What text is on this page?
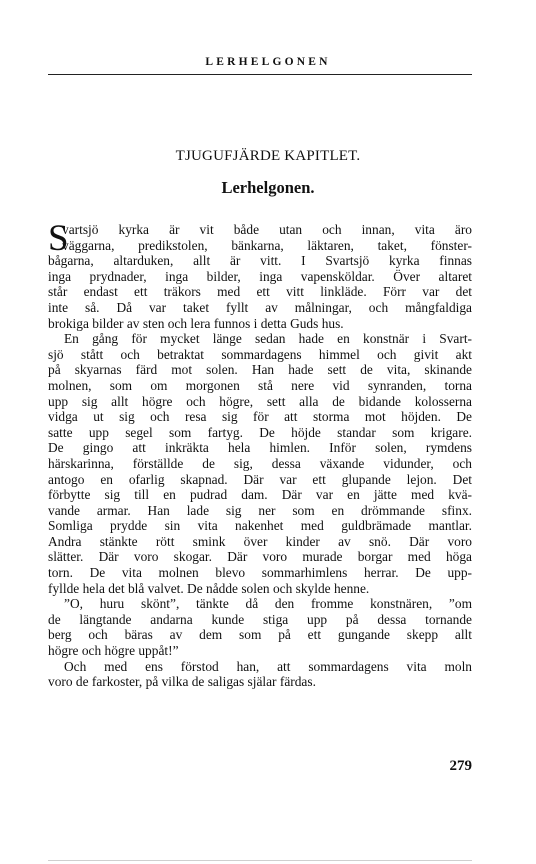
LERHELGONEN
TJUGUFJÄRDE KAPITLET.
Lerhelgonen.
S
vartsjö kyrka är vit både utan och innan, vita äro
väggarna, predikstolen, bänkarna, läktaren, taket, fönster-
bågarna, altarduken, allt är vitt. I Svartsjö kyrka finnas
inga prydnader, inga bilder, inga vapensköldar. Över altaret
står endast ett träkors med ett vitt linkläde. Förr var det
inte så. Då var taket fyllt av målningar, och mångfaldiga
brokiga bilder av sten och lera funnos i detta Guds hus.
En gång för mycket länge sedan hade en konstnär i Svart-
sjö stått och betraktat sommardagens himmel och givit akt
på skyarnas färd mot solen. Han hade sett de vita, skinande
molnen, som om morgonen stå nere vid synranden, torna
upp sig allt högre och högre, sett alla de bidande kolosserna
vidga ut sig och resa sig för att storma mot höjden. De
satte upp segel som fartyg. De höjde standar som krigare.
De gingo att inkräkta hela himlen. Inför solen, rymdens
härskarinna, förställde de sig, dessa växande vidunder, och
antogo en ofarlig skapnad. Där var ett glupande lejon. Det
förbytte sig till en pudrad dam. Där var en jätte med kvä-
vande armar. Han lade sig ner som en drömmande sfinx.
Somliga prydde sin vita nakenhet med guldbrämade mantlar.
Andra stänkte rött smink över kinder av snö. Där voro
slätter. Där voro skogar. Där voro murade borgar med höga
torn. De vita molnen blevo sommarhimlens herrar. De upp-
fyllde hela det blå valvet. De nådde solen och skylde henne.
”O, huru skönt”, tänkte då den fromme konstnären, ”om
de längtande andarna kunde stiga upp på dessa tornande
berg och bäras av dem som på ett gungande skepp allt
högre och högre uppåt!”
Och med ens förstod han, att sommardagens vita moln
voro de farkoster, på vilka de saligas själar färdas.
279
